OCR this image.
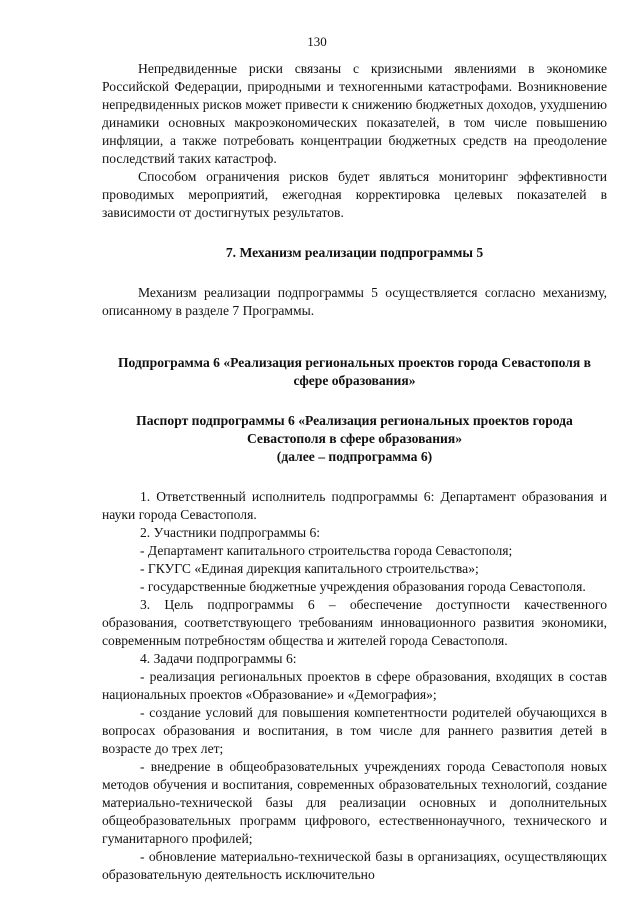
130

Непредвиденные риски связаны с кризисными явлениями в экономике Российской Федерации, природными и техногенными катастрофами. Возникновение непредвиденных рисков может привести к снижению бюджетных доходов, ухудшению динамики основных макроэкономических показателей, в том числе повышению инфляции, а также потребовать концентрации бюджетных средств на преодоление последствий таких катастроф.

Способом ограничения рисков будет являться мониторинг эффективности проводимых мероприятий, ежегодная корректировка целевых показателей в зависимости от достигнутых результатов.

7. Механизм реализации подпрограммы 5

Механизм реализации подпрограммы 5 осуществляется согласно механизму, описанному в разделе 7 Программы.

Подпрограмма 6 «Реализация региональных проектов города Севастополя в сфере образования»

Паспорт подпрограммы 6 «Реализация региональных проектов города Севастополя в сфере образования»

(далее – подпрограмма 6)

1. Ответственный исполнитель подпрограммы 6: Департамент образования и науки города Севастополя.

2. Участники подпрограммы 6:

- Департамент капитального строительства города Севастополя;

- ГКУГС «Единая дирекция капитального строительства»;

- государственные бюджетные учреждения образования города Севастополя.

3. Цель подпрограммы 6 – обеспечение доступности качественного образования, соответствующего требованиям инновационного развития экономики, современным потребностям общества и жителей города Севастополя.

4. Задачи подпрограммы 6:

- реализация региональных проектов в сфере образования, входящих в состав национальных проектов «Образование» и «Демография»;

- создание условий для повышения компетентности родителей обучающихся в вопросах образования и воспитания, в том числе для раннего развития детей в возрасте до трех лет;

- внедрение в общеобразовательных учреждениях города Севастополя новых методов обучения и воспитания, современных образовательных технологий, создание материально-технической базы для реализации основных и дополнительных общеобразовательных программ цифрового, естественнонаучного, технического и гуманитарного профилей;

- обновление материально-технической базы в организациях, осуществляющих образовательную деятельность исключительно
